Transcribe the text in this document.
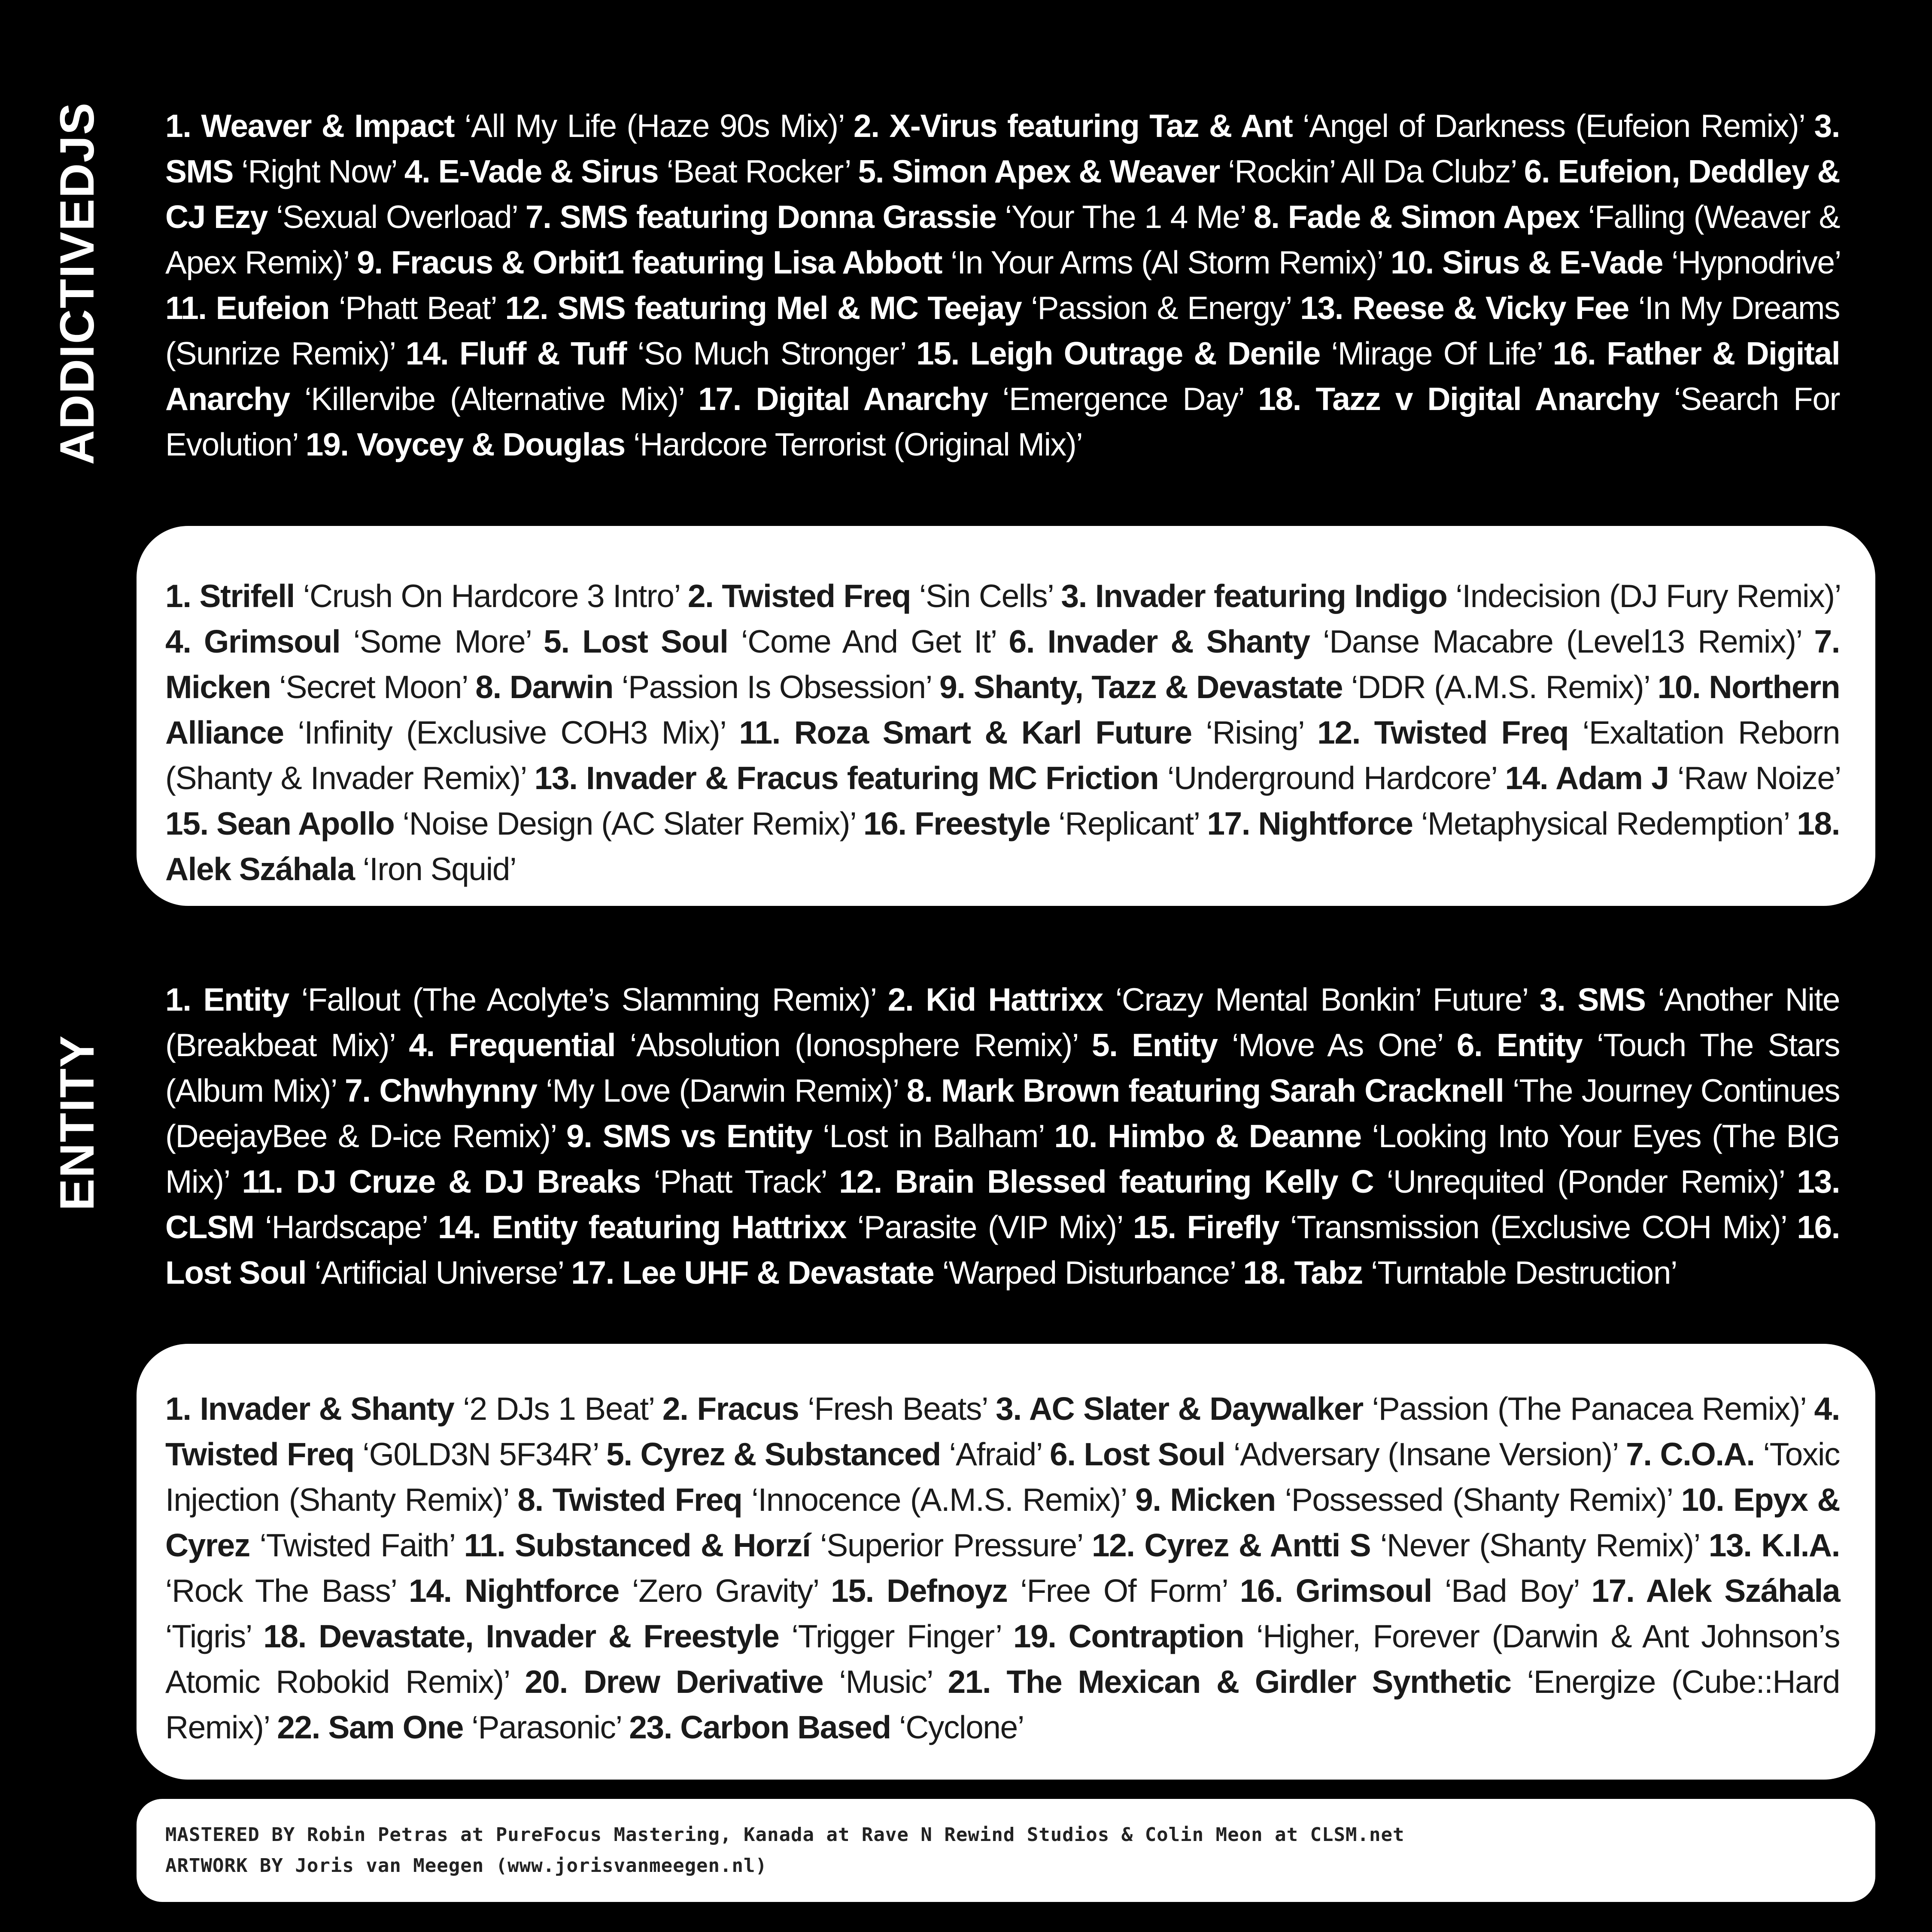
ADDICTIVEDJS 1. Weaver & Impact ‘All My Life (Haze 90s Mix)’ 2. X-Virus featuring Taz & Ant ‘Angel of Darkness (Eufeion Remix)’ 3. SMS ‘Right Now’ 4. E-Vade & Sirus ‘Beat Rocker’ 5. Simon Apex & Weaver ‘Rockin’ All Da Clubz’ 6. Eufeion, Deddley & CJ Ezy ‘Sexual Overload’ 7. SMS featuring Donna Grassie ‘Your The 1 4 Me’ 8. Fade & Simon Apex ‘Falling (Weaver & Apex Remix)’ 9. Fracus & Orbit1 featuring Lisa Abbott ‘In Your Arms (Al Storm Remix)’ 10. Sirus & E-Vade ‘Hypnodrive’ 11. Eufeion ‘Phatt Beat’ 12. SMS featuring Mel & MC Teejay ‘Passion & Energy’ 13. Reese & Vicky Fee ‘In My Dreams (Sunrize Remix)’ 14. Fluff & Tuff ‘So Much Stronger’ 15. Leigh Outrage & Denile ‘Mirage Of Life’ 16. Father & Digital Anarchy ‘Killervibe (Alternative Mix)’ 17. Digital Anarchy ‘Emergence Day’ 18. Tazz v Digital Anarchy ‘Search For Evolution’ 19. Voycey & Douglas ‘Hardcore Terrorist (Original Mix)’

INVADER

1. Strifell ‘Crush On Hardcore 3 Intro’ 2. Twisted Freq ‘Sin Cells’ 3. Invader featuring Indigo ‘Indecision (DJ Fury Remix)’ 4. Grimsoul ‘Some More’ 5. Lost Soul ‘Come And Get It’ 6. Invader & Shanty ‘Danse Macabre (Level13 Remix)’ 7. Micken ‘Secret Moon’ 8. Darwin ‘Passion Is Obsession’ 9. Shanty, Tazz & Devastate ‘DDR (A.M.S. Remix)’ 10. Northern Alliance ‘Infinity (Exclusive COH3 Mix)’ 11. Roza Smart & Karl Future ‘Rising’ 12. Twisted Freq ‘Exaltation Reborn (Shanty & Invader Remix)’ 13. Invader & Fracus featuring MC Friction ‘Underground Hardcore’ 14. Adam J ‘Raw Noize’ 15. Sean Apollo ‘Noise Design (AC Slater Remix)’ 16. Freestyle ‘Replicant’ 17. Nightforce ‘Metaphysical Redemption’ 18. Alek Száhala ‘Iron Squid’

ENTITY

1. Entity ‘Fallout (The Acolyte’s Slamming Remix)’ 2. Kid Hattrixx ‘Crazy Mental Bonkin’ Future’ 3. SMS ‘Another Nite (Breakbeat Mix)’ 4. Frequential ‘Absolution (Ionosphere Remix)’ 5. Entity ‘Move As One’ 6. Entity ‘Touch The Stars (Album Mix)’ 7. Chwhynny ‘My Love (Darwin Remix)’ 8. Mark Brown featuring Sarah Cracknell ‘The Journey Continues (DeejayBee & D-ice Remix)’ 9. SMS vs Entity ‘Lost in Balham’ 10. Himbo & Deanne ‘Looking Into Your Eyes (The BIG Mix)’ 11. DJ Cruze & DJ Breaks ‘Phatt Track’ 12. Brain Blessed featuring Kelly C ‘Unrequited (Ponder Remix)’ 13. CLSM ‘Hardscape’ 14. Entity featuring Hattrixx ‘Parasite (VIP Mix)’ 15. Firefly ‘Transmission (Exclusive COH Mix)’ 16. Lost Soul ‘Artificial Universe’ 17. Lee UHF & Devastate ‘Warped Disturbance’ 18. Tabz ‘Turntable Destruction’

SHANTY

1. Invader & Shanty ‘2 DJs 1 Beat’ 2. Fracus ‘Fresh Beats’ 3. AC Slater & Daywalker ‘Passion (The Panacea Remix)’ 4. Twisted Freq ‘G0LD3N 5F34R’ 5. Cyrez & Substanced ‘Afraid’ 6. Lost Soul ‘Adversary (Insane Version)’ 7. C.O.A. ‘Toxic Injection (Shanty Remix)’ 8. Twisted Freq ‘Innocence (A.M.S. Remix)’ 9. Micken ‘Possessed (Shanty Remix)’ 10. Epyx & Cyrez ‘Twisted Faith’ 11. Substanced & Horzí ‘Superior Pressure’ 12. Cyrez & Antti S ‘Never (Shanty Remix)’ 13. K.I.A. ‘Rock The Bass’ 14. Nightforce ‘Zero Gravity’ 15. Defnoyz ‘Free Of Form’ 16. Grimsoul ‘Bad Boy’ 17. Alek Száhala ‘Tigris’ 18. Devastate, Invader & Freestyle ‘Trigger Finger’ 19. Contraption ‘Higher, Forever (Darwin & Ant Johnson’s Atomic Robokid Remix)’ 20. Drew Derivative ‘Music’ 21. The Mexican & Girdler Synthetic ‘Energize (Cube::Hard Remix)’ 22. Sam One ‘Parasonic’ 23. Carbon Based ‘Cyclone’

MASTERED BY Robin Petras at PureFocus Mastering, Kanada at Rave N Rewind Studios & Colin Meon at CLSM.net
ARTWORK BY Joris van Meegen (www.jorisvanmeegen.nl)
